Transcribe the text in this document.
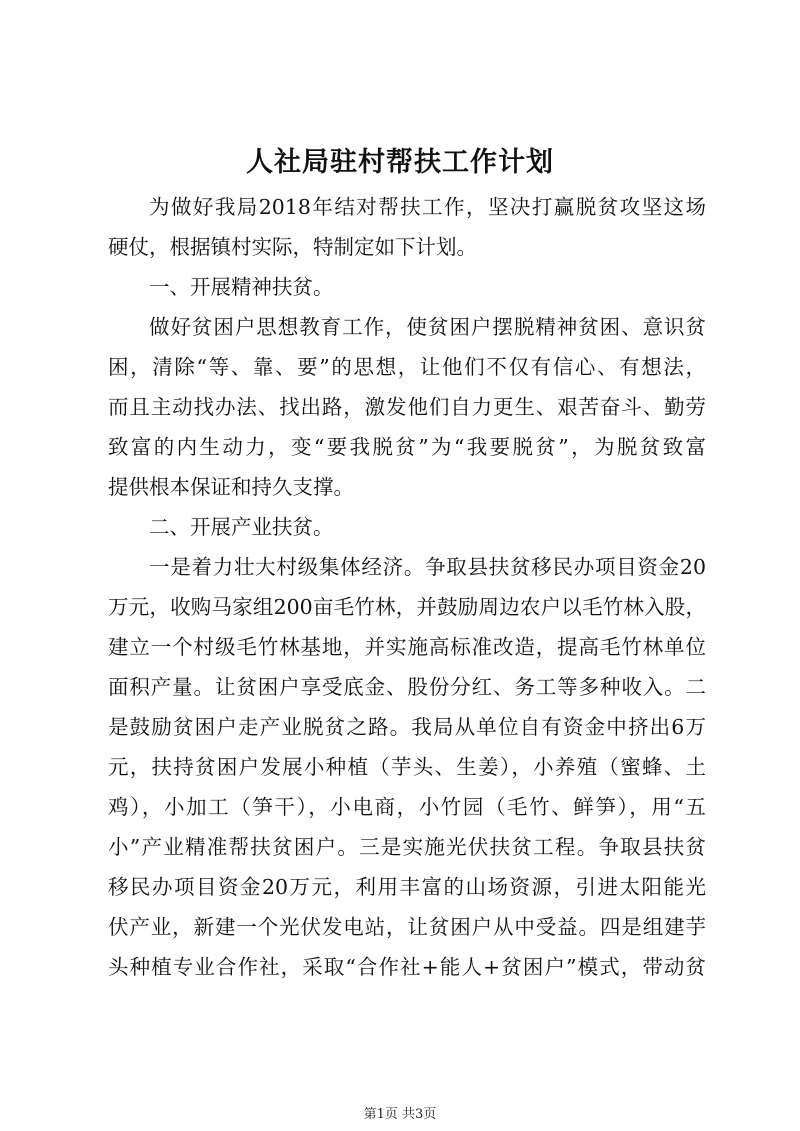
人社局驻村帮扶工作计划
为做好我局2018年结对帮扶工作，坚决打赢脱贫攻坚这场
硬仗，根据镇村实际，特制定如下计划。
一、开展精神扶贫。
做好贫困户思想教育工作，使贫困户摆脱精神贫困、意识贫
困，清除“等、靠、要”的思想，让他们不仅有信心、有想法，
而且主动找办法、找出路，激发他们自力更生、艰苦奋斗、勤劳
致富的内生动力，变“要我脱贫”为“我要脱贫”，为脱贫致富
提供根本保证和持久支撑。
二、开展产业扶贫。
一是着力壮大村级集体经济。争取县扶贫移民办项目资金20
万元，收购马家组200亩毛竹林，并鼓励周边农户以毛竹林入股，
建立一个村级毛竹林基地，并实施高标准改造，提高毛竹林单位
面积产量。让贫困户享受底金、股份分红、务工等多种收入。二
是鼓励贫困户走产业脱贫之路。我局从单位自有资金中挤出6万
元，扶持贫困户发展小种植（芋头、生姜），小养殖（蜜蜂、土
鸡），小加工（笋干），小电商，小竹园（毛竹、鲜笋），用“五
小”产业精准帮扶贫困户。三是实施光伏扶贫工程。争取县扶贫
移民办项目资金20万元，利用丰富的山场资源，引进太阳能光
伏产业，新建一个光伏发电站，让贫困户从中受益。四是组建芋
头种植专业合作社，采取“合作社+能人+贫困户”模式，带动贫
第1页 共3页
